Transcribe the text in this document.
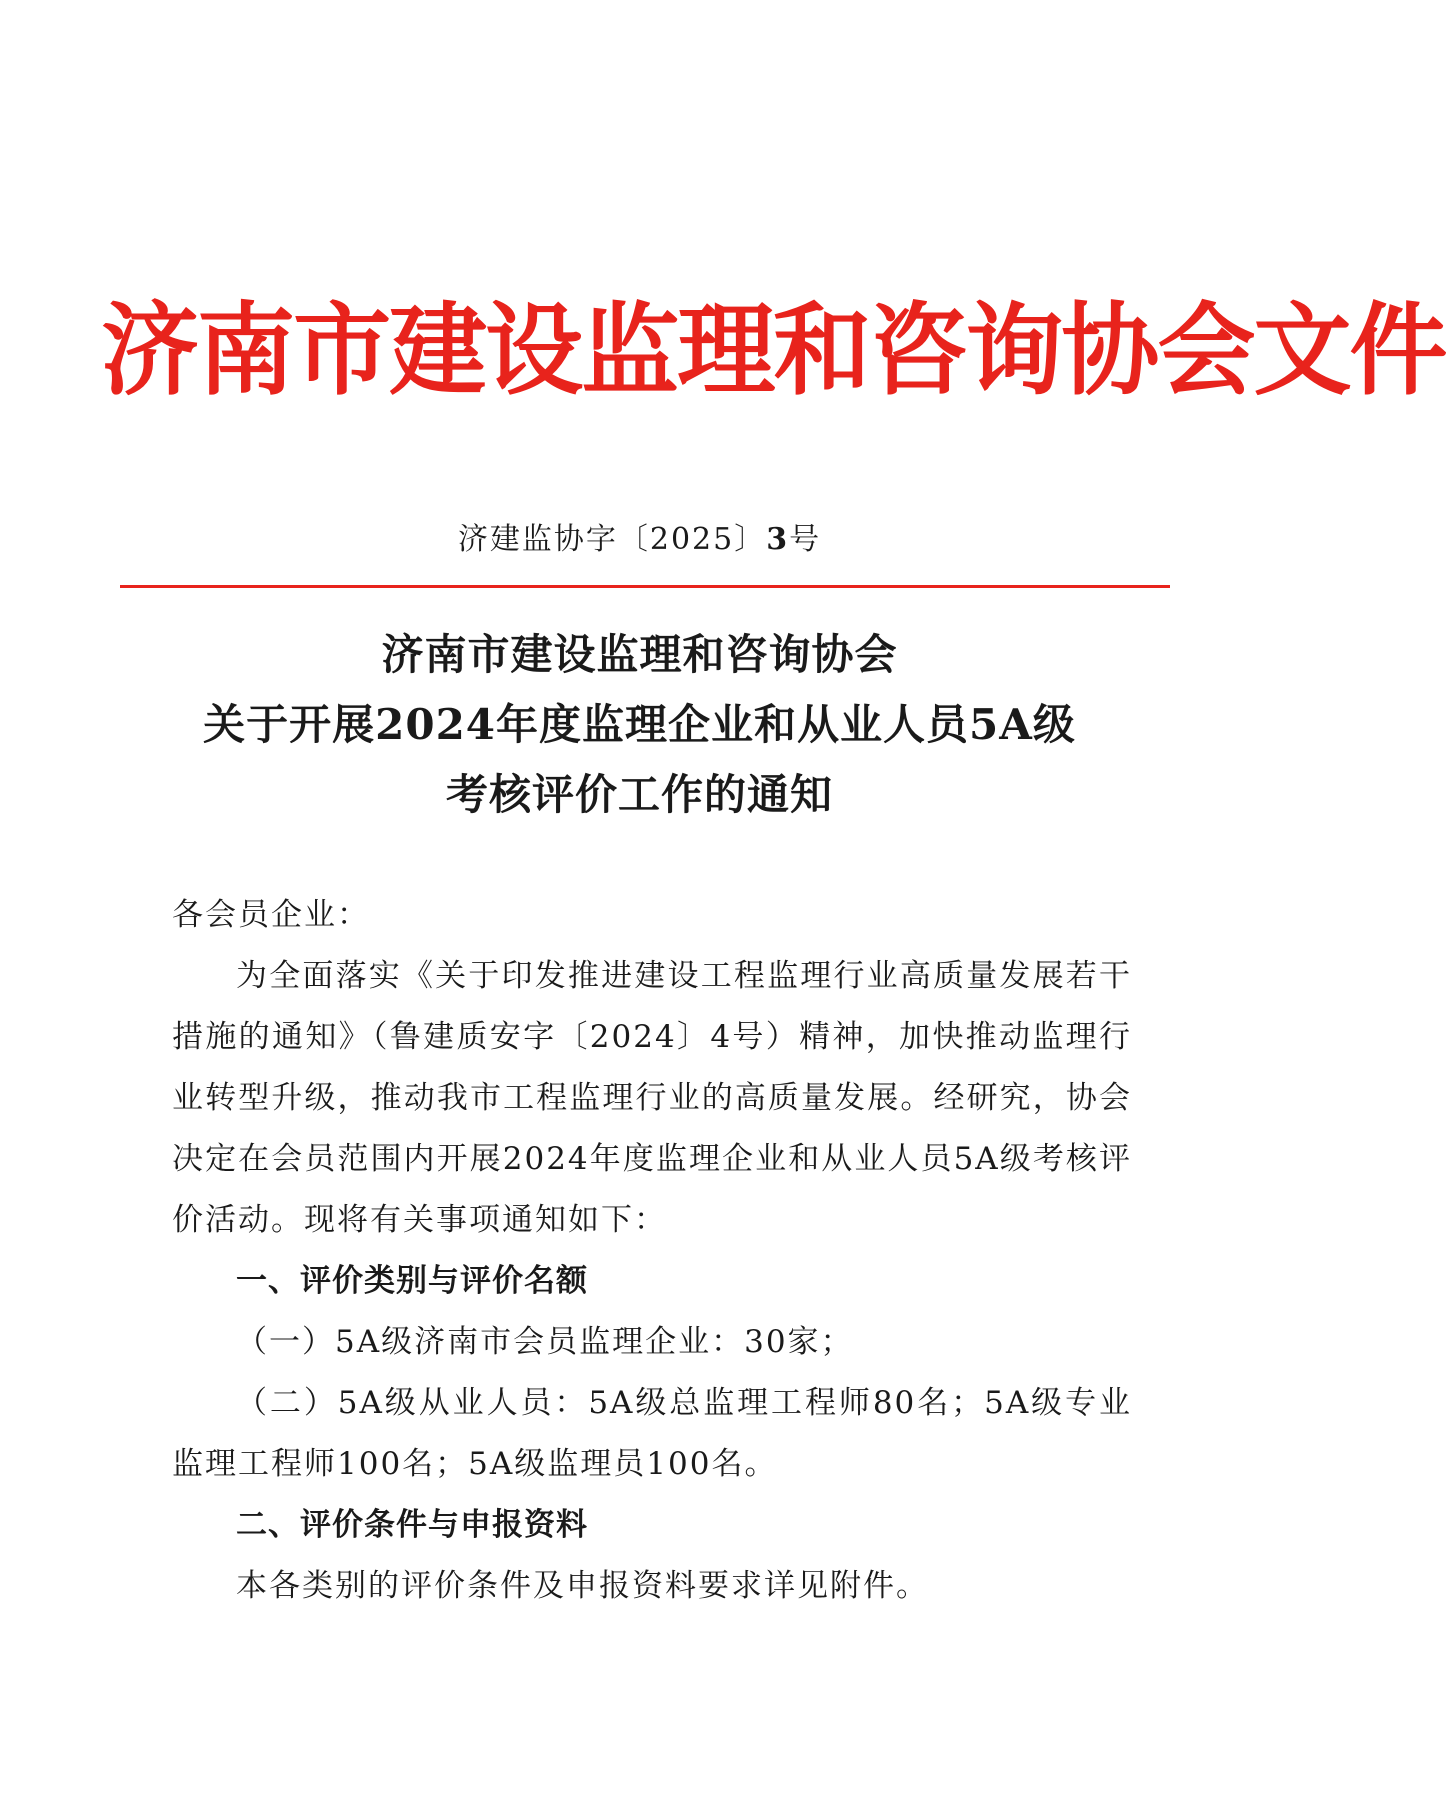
济南市建设监理和咨询协会文件
济建监协字〔2025〕3号
济南市建设监理和咨询协会
关于开展2024年度监理企业和从业人员5A级
考核评价工作的通知

各会员企业：

为全面落实《关于印发推进建设工程监理行业高质量发展若干措施的通知》（鲁建质安字〔2024〕4号）精神，加快推动监理行业转型升级，推动我市工程监理行业的高质量发展。经研究，协会决定在会员范围内开展2024年度监理企业和从业人员5A级考核评价活动。现将有关事项通知如下：

一、评价类别与评价名额

（一）5A级济南市会员监理企业：30家；

（二）5A级从业人员：5A级总监理工程师80名；5A级专业监理工程师100名；5A级监理员100名。

二、评价条件与申报资料

本各类别的评价条件及申报资料要求详见附件。
